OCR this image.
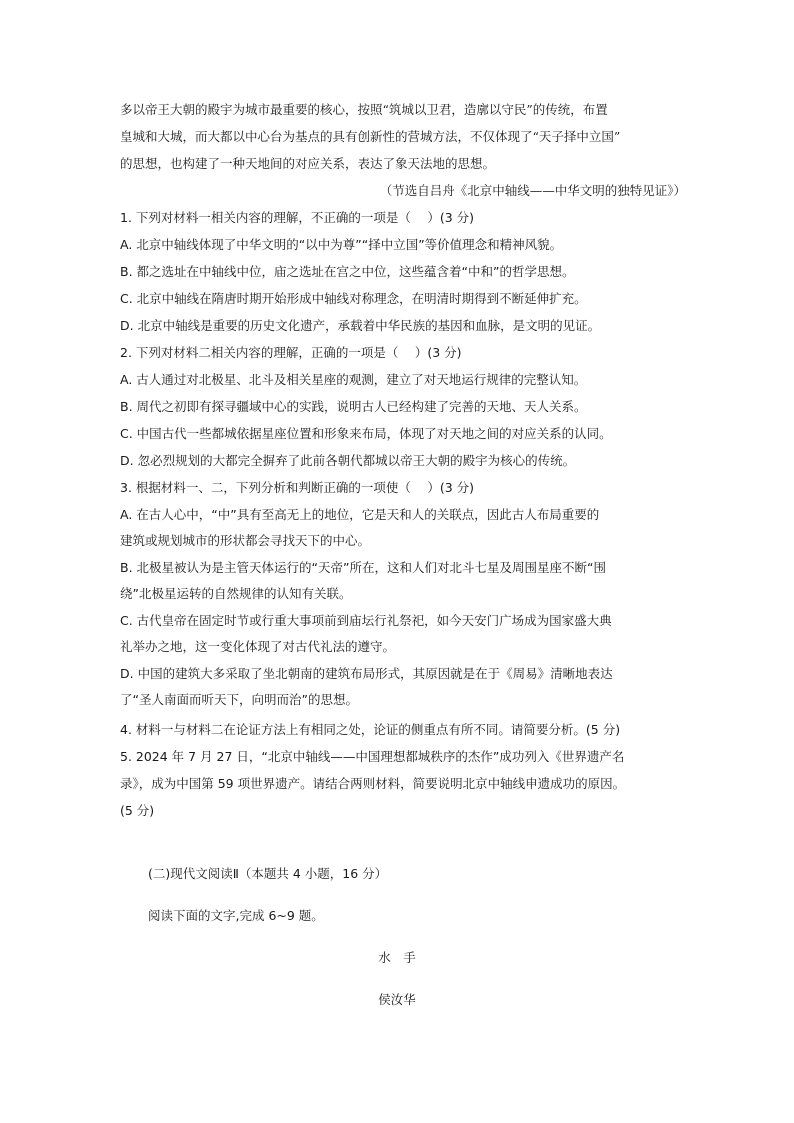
多以帝王大朝的殿宇为城市最重要的核心，按照“筑城以卫君，造廓以守民”的传统，布置
皇城和大城，而大都以中心台为基点的具有创新性的营城方法，不仅体现了“天子择中立国”
的思想，也构建了一种天地间的对应关系，表达了象天法地的思想。
（节选自吕舟《北京中轴线——中华文明的独特见证》）
1. 下列对材料一相关内容的理解，不正确的一项是（　 ）(3 分)
A. 北京中轴线体现了中华文明的“以中为尊”“择中立国”等价值理念和精神风貌。
B. 都之选址在中轴线中位，庙之选址在宫之中位，这些蕴含着“中和”的哲学思想。
C. 北京中轴线在隋唐时期开始形成中轴线对称理念，在明清时期得到不断延伸扩充。
D. 北京中轴线是重要的历史文化遗产，承载着中华民族的基因和血脉，是文明的见证。
2. 下列对材料二相关内容的理解，正确的一项是（　 ）(3 分)
A. 古人通过对北极星、北斗及相关星座的观测，建立了对天地运行规律的完整认知。
B. 周代之初即有探寻疆域中心的实践，说明古人已经构建了完善的天地、天人关系。
C. 中国古代一些都城依据星座位置和形象来布局，体现了对天地之间的对应关系的认同。
D. 忽必烈规划的大都完全摒弃了此前各朝代都城以帝王大朝的殿宇为核心的传统。
3. 根据材料一、二，下列分析和判断正确的一项使（　 ）(3 分)
A. 在古人心中，“中”具有至高无上的地位，它是天和人的关联点，因此古人布局重要的
建筑或规划城市的形状都会寻找天下的中心。
B. 北极星被认为是主管天体运行的“天帝”所在，这和人们对北斗七星及周围星座不断“围
绕”北极星运转的自然规律的认知有关联。
C. 古代皇帝在固定时节或行重大事项前到庙坛行礼祭祀，如今天安门广场成为国家盛大典
礼举办之地，这一变化体现了对古代礼法的遵守。
D. 中国的建筑大多采取了坐北朝南的建筑布局形式，其原因就是在于《周易》清晰地表达
了“圣人南面而听天下，向明而治”的思想。
4. 材料一与材料二在论证方法上有相同之处，论证的侧重点有所不同。请简要分析。(5 分)
5. 2024 年 7 月 27 日，“北京中轴线——中国理想都城秩序的杰作”成功列入《世界遗产名
录》，成为中国第 59 项世界遗产。请结合两则材料，简要说明北京中轴线申遗成功的原因。
(5 分)
(二)现代文阅读Ⅱ（本题共 4 小题，16 分）
阅读下面的文字,完成 6~9 题。
水　手
侯汝华
